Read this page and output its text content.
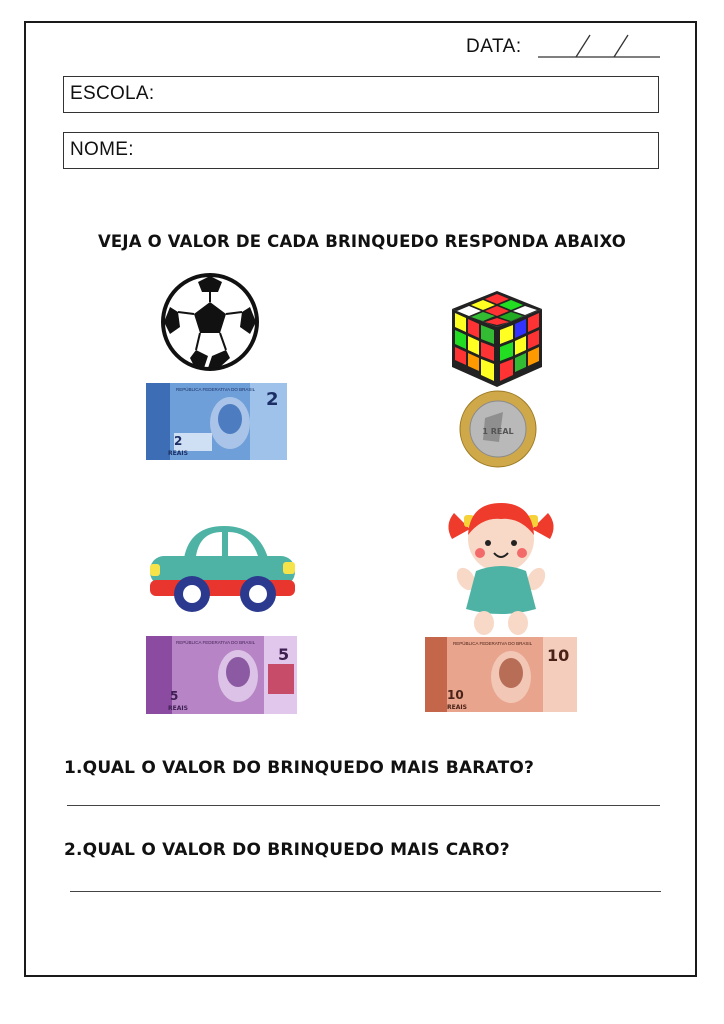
DATA:
ESCOLA:
NOME:
VEJA O VALOR DE CADA BRINQUEDO RESPONDA ABAIXO
REPÚBLICA FEDERATIVA DO BRASIL 2
2
REAIS
1 REAL
REPÚBLICA FEDERATIVA DO BRASIL
5
5
REAIS
REPÚBLICA FEDERATIVA DO BRASIL
10
10
REAIS
1.QUAL O VALOR DO BRINQUEDO MAIS BARATO?
2.QUAL O VALOR DO BRINQUEDO MAIS CARO?
